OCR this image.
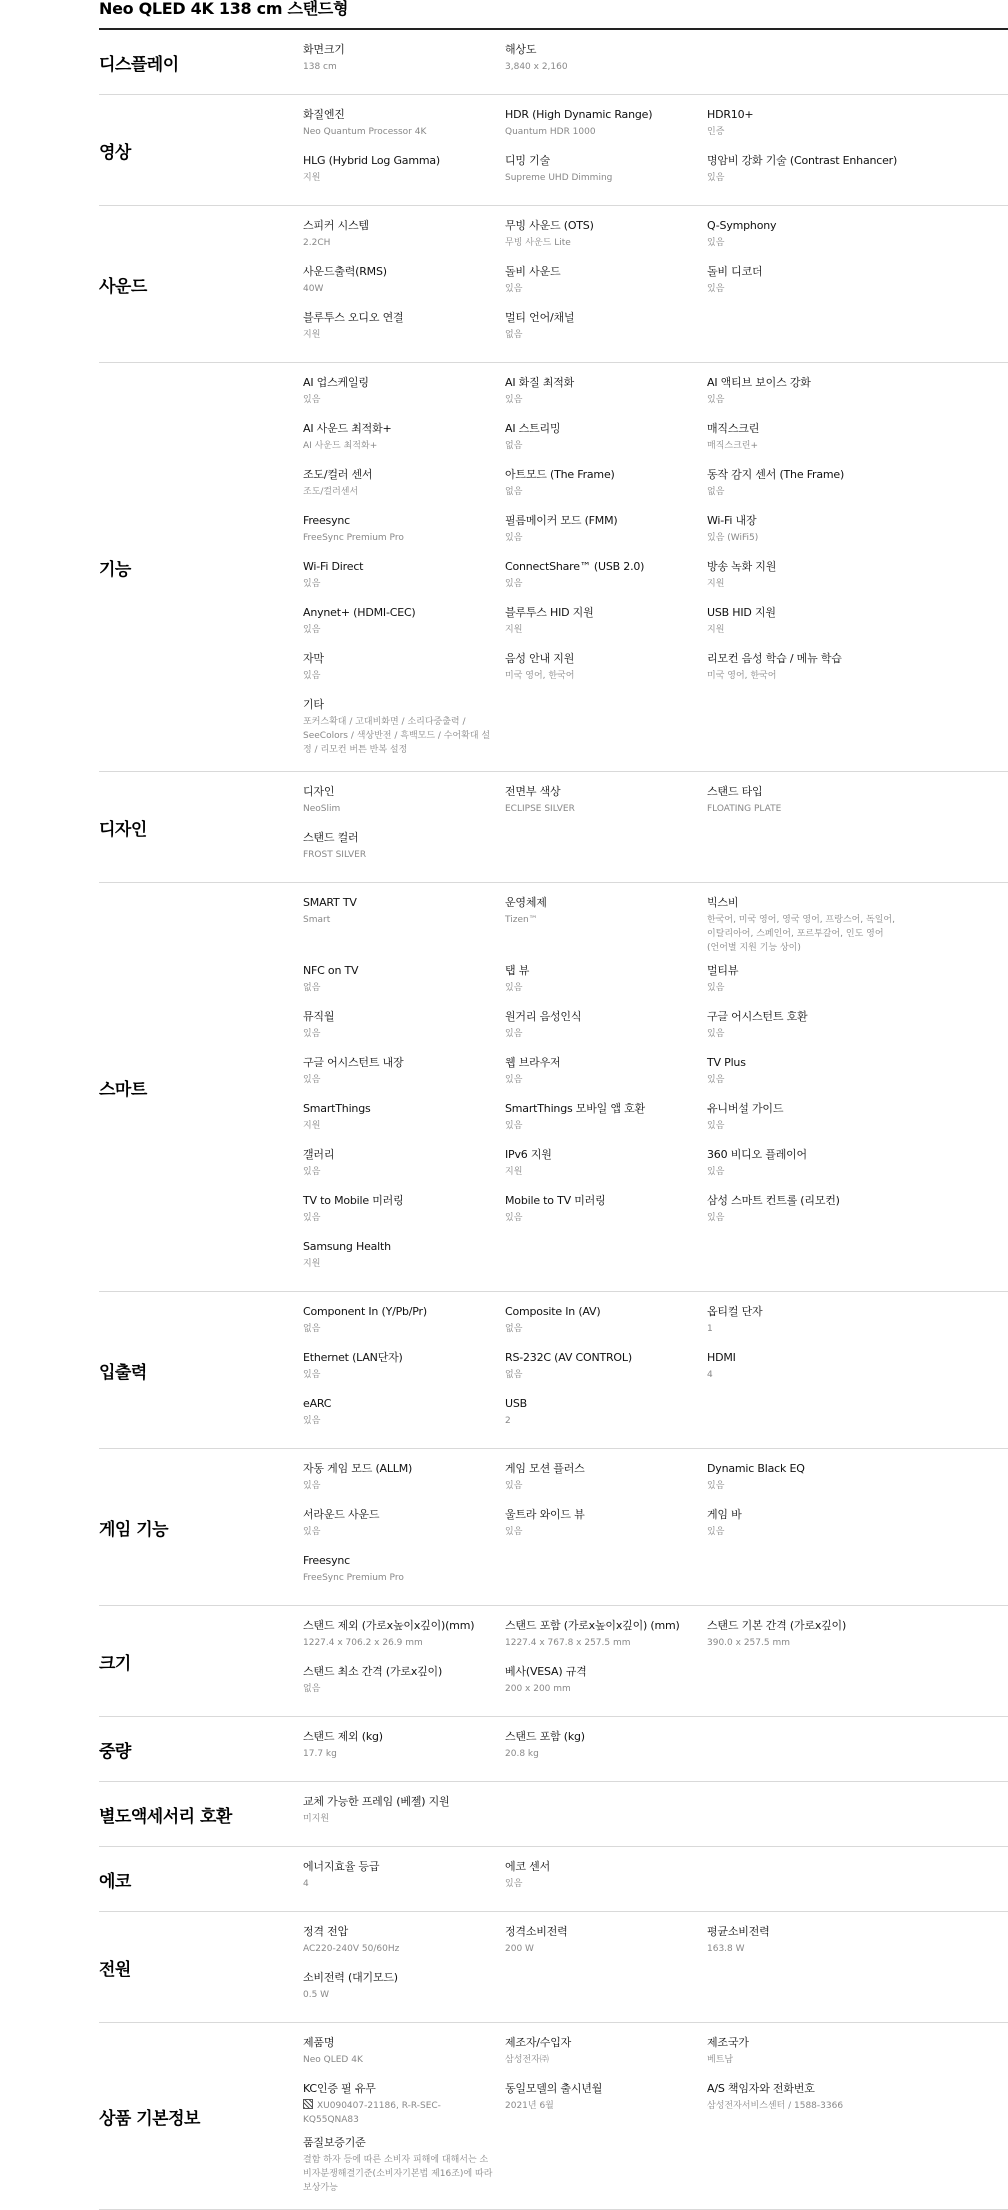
Neo QLED 4K 138 cm 스탠드형
디스플레이
화면크기
138 cm
해상도
3,840 x 2,160
영상
화질엔진
Neo Quantum Processor 4K
HDR (High Dynamic Range)
Quantum HDR 1000
HDR10+
인증
HLG (Hybrid Log Gamma)
지원
디밍 기술
Supreme UHD Dimming
명암비 강화 기술 (Contrast Enhancer)
있음
사운드
스피커 시스템
2.2CH
무빙 사운드 (OTS)
무빙 사운드 Lite
Q-Symphony
있음
사운드출력(RMS)
40W
돌비 사운드
있음
돌비 디코더
있음
블루투스 오디오 연결
지원
멀티 언어/채널
없음
기능
AI 업스케일링
있음
AI 화질 최적화
있음
AI 액티브 보이스 강화
있음
AI 사운드 최적화+
AI 사운드 최적화+
AI 스트리밍
없음
매직스크린
매직스크린+
조도/컬러 센서
조도/컬러센서
아트모드 (The Frame)
없음
동작 감지 센서 (The Frame)
없음
Freesync
FreeSync Premium Pro
필름메이커 모드 (FMM)
있음
Wi-Fi 내장
있음 (WiFi5)
Wi-Fi Direct
있음
ConnectShare™ (USB 2.0)
있음
방송 녹화 지원
지원
Anynet+ (HDMI-CEC)
있음
블루투스 HID 지원
지원
USB HID 지원
지원
자막
있음
음성 안내 지원
미국 영어, 한국어
리모컨 음성 학습 / 메뉴 학습
미국 영어, 한국어
기타
포커스확대 / 고대비화면 / 소리다중출력 / SeeColors / 색상반전 / 흑백모드 / 수어확대 설정 / 리모컨 버튼 반복 설정
디자인
디자인
NeoSlim
전면부 색상
ECLIPSE SILVER
스탠드 타입
FLOATING PLATE
스탠드 컬러
FROST SILVER
스마트
SMART TV
Smart
운영체제
Tizen™
빅스비
한국어, 미국 영어, 영국 영어, 프랑스어, 독일어, 이탈리아어, 스페인어, 포르투갈어, 인도 영어 (언어별 지원 기능 상이)
NFC on TV
없음
탭 뷰
있음
멀티뷰
있음
뮤직월
있음
원거리 음성인식
있음
구글 어시스턴트 호환
있음
구글 어시스턴트 내장
있음
웹 브라우저
있음
TV Plus
있음
SmartThings
지원
SmartThings 모바일 앱 호환
있음
유니버설 가이드
있음
갤러리
있음
IPv6 지원
지원
360 비디오 플레이어
있음
TV to Mobile 미러링
있음
Mobile to TV 미러링
있음
삼성 스마트 컨트롤 (리모컨)
있음
Samsung Health
지원
입출력
Component In (Y/Pb/Pr)
없음
Composite In (AV)
없음
옵티컬 단자
1
Ethernet (LAN단자)
있음
RS-232C (AV CONTROL)
없음
HDMI
4
eARC
있음
USB
2
게임 기능
자동 게임 모드 (ALLM)
있음
게임 모션 플러스
있음
Dynamic Black EQ
있음
서라운드 사운드
있음
울트라 와이드 뷰
있음
게임 바
있음
Freesync
FreeSync Premium Pro
크기
스탠드 제외 (가로x높이x깊이)(mm)
1227.4 x 706.2 x 26.9 mm
스탠드 포함 (가로x높이x깊이) (mm)
1227.4 x 767.8 x 257.5 mm
스탠드 기본 간격 (가로x깊이)
390.0 x 257.5 mm
스탠드 최소 간격 (가로x깊이)
없음
베사(VESA) 규격
200 x 200 mm
중량
스탠드 제외 (kg)
17.7 kg
스탠드 포함 (kg)
20.8 kg
별도액세서리 호환
교체 가능한 프레임 (베젤) 지원
미지원
에코
에너지효율 등급
4
에코 센서
있음
전원
정격 전압
AC220-240V 50/60Hz
정격소비전력
200 W
평균소비전력
163.8 W
소비전력 (대기모드)
0.5 W
상품 기본정보
제품명
Neo QLED 4K
제조자/수입자
삼성전자㈜
제조국가
베트남
KC인증 필 유무
XU090407-21186, R-R-SEC-KQ55QNA83
동일모델의 출시년월
2021년 6월
A/S 책임자와 전화번호
삼성전자서비스센터 / 1588-3366
품질보증기준
결함 하자 등에 따른 소비자 피해에 대해서는 소비자분쟁해결기준(소비자기본법 제16조)에 따라 보상가능
